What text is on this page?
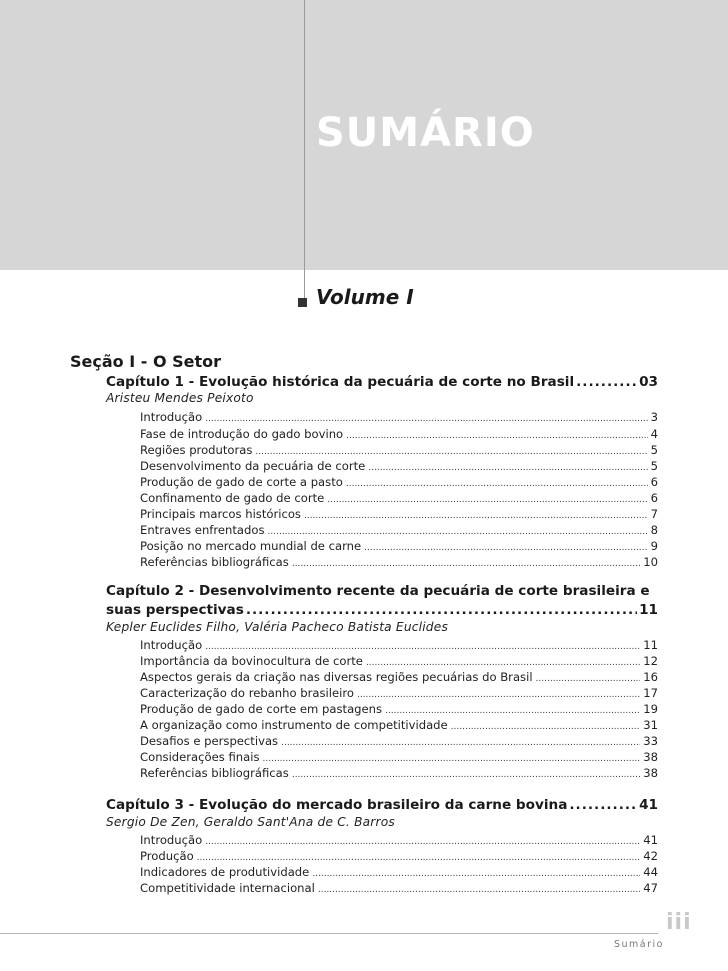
SUMÁRIO
Volume I
Seção I - O Setor
Capítulo 1 - Evolução histórica da pecuária de corte no Brasil .....	03
Aristeu Mendes Peixoto
Introdução .....	3
Fase de introdução do gado bovino .....	4
Regiões produtoras .....	5
Desenvolvimento da pecuária de corte .....	5
Produção de gado de corte a pasto .....	6
Confinamento de gado de corte .....	6
Principais marcos históricos .....	7
Entraves enfrentados .....	8
Posição no mercado mundial de carne .....	9
Referências bibliográficas .....	10
Capítulo 2 - Desenvolvimento recente da pecuária de corte brasileira e
suas perspectivas .....	11
Kepler Euclides Filho, Valéria Pacheco Batista Euclides
Introdução .....	11
Importância da bovinocultura de corte .....	12
Aspectos gerais da criação nas diversas regiões pecuárias do Brasil .....	16
Caracterização do rebanho brasileiro .....	17
Produção de gado de corte em pastagens .....	19
A organização como instrumento de competitividade .....	31
Desafios e perspectivas .....	33
Considerações finais .....	38
Referências bibliográficas .....	38
Capítulo 3 - Evolução do mercado brasileiro da carne bovina .....	41
Sergio De Zen, Geraldo Sant'Ana de C. Barros
Introdução .....	41
Produção .....	42
Indicadores de produtividade .....	44
Competitividade internacional .....	47
iii
Sumário
